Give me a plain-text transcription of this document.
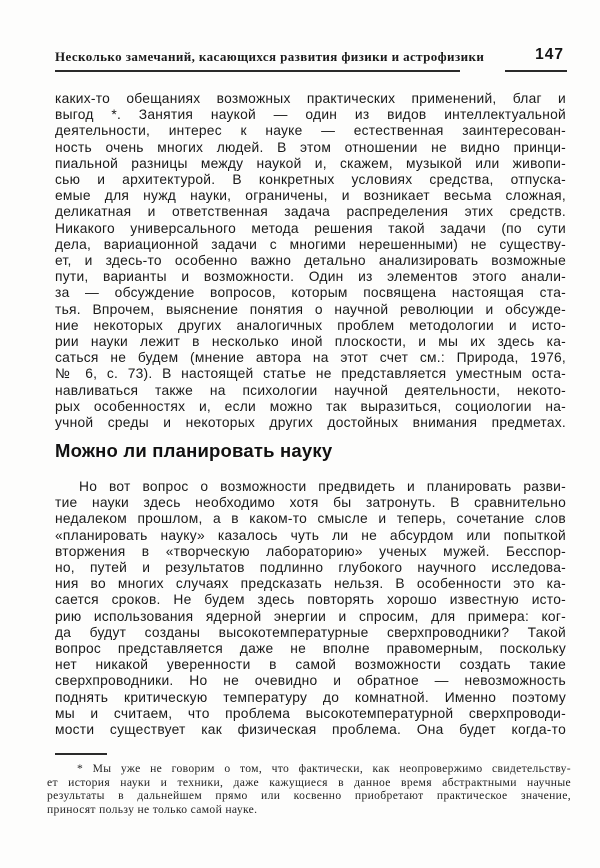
Несколько замечаний, касающихся развития физики и астрофизики	147
каких-то обещаниях возможных практических применений, благ и
выгод *. Занятия наукой — один из видов интеллектуальной
деятельности, интерес к науке — естественная заинтересован-
ность очень многих людей. В этом отношении не видно принци-
пиальной разницы между наукой и, скажем, музыкой или живопи-
сью и архитектурой. В конкретных условиях средства, отпуска-
емые для нужд науки, ограничены, и возникает весьма сложная,
деликатная и ответственная задача распределения этих средств.
Никакого универсального метода решения такой задачи (по сути
дела, вариационной задачи с многими нерешенными) не существу-
ет, и здесь-то особенно важно детально анализировать возможные
пути, варианты и возможности. Один из элементов этого анали-
за — обсуждение вопросов, которым посвящена настоящая ста-
тья. Впрочем, выяснение понятия о научной революции и обсужде-
ние некоторых других аналогичных проблем методологии и исто-
рии науки лежит в несколько иной плоскости, и мы их здесь ка-
саться не будем (мнение автора на этот счет см.: Природа, 1976,
№ 6, с. 73). В настоящей статье не представляется уместным оста-
навливаться также на психологии научной деятельности, некото-
рых особенностях и, если можно так выразиться, социологии на-
учной среды и некоторых других достойных внимания предметах.
Можно ли планировать науку
Но вот вопрос о возможности предвидеть и планировать разви-
тие науки здесь необходимо хотя бы затронуть. В сравнительно
недалеком прошлом, а в каком-то смысле и теперь, сочетание слов
«планировать науку» казалось чуть ли не абсурдом или попыткой
вторжения в «творческую лабораторию» ученых мужей. Бесспор-
но, путей и результатов подлинно глубокого научного исследова-
ния во многих случаях предсказать нельзя. В особенности это ка-
сается сроков. Не будем здесь повторять хорошо известную исто-
рию использования ядерной энергии и спросим, для примера: ког-
да будут созданы высокотемпературные сверхпроводники? Такой
вопрос представляется даже не вполне правомерным, поскольку
нет никакой уверенности в самой возможности создать такие
сверхпроводники. Но не очевидно и обратное — невозможность
поднять критическую температуру до комнатной. Именно поэтому
мы и считаем, что проблема высокотемпературной сверхпроводи-
мости существует как физическая проблема. Она будет когда-то
* Мы уже не говорим о том, что фактически, как неопровержимо свидетельству-
ет история науки и техники, даже кажущиеся в данное время абстрактными научные
результаты в дальнейшем прямо или косвенно приобретают практическое значение,
приносят пользу не только самой науке.
